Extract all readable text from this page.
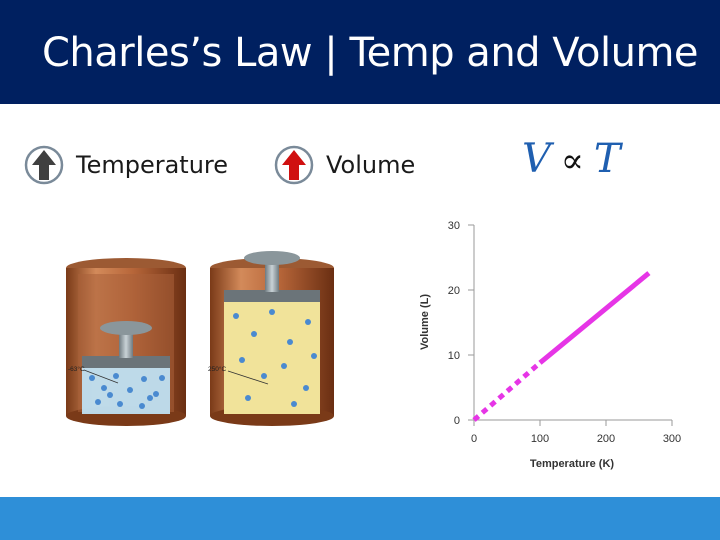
Charles’s Law | Temp and Volume
Temperature	Volume	V ∝ T
-63°C	250°C
Temperature (K)
Volume (L)
0
10
20
30
0	100	200	300
